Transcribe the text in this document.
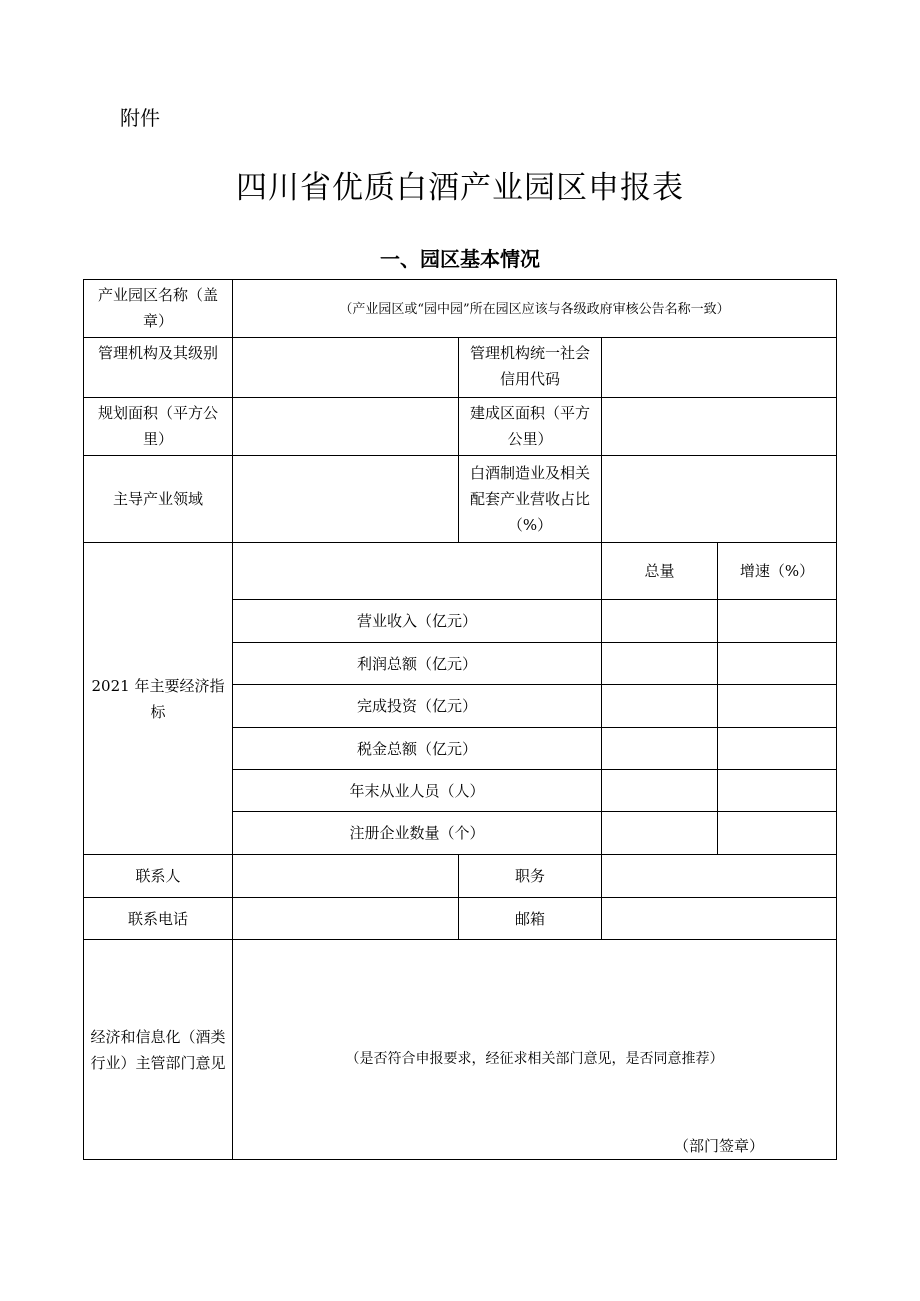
附件
四川省优质白酒产业园区申报表
一、园区基本情况
产业园区名称（盖章）	（产业园区或“园中园”所在园区应该与各级政府审核公告名称一致）			
管理机构及其级别		管理机构统一社会信用代码		
规划面积（平方公里）		建成区面积（平方公里）		
主导产业领域		白酒制造业及相关配套产业营收占比（%）		
2021 年主要经济指标			总量	增速（%）
	营业收入（亿元）			
	利润总额（亿元）			
	完成投资（亿元）			
	税金总额（亿元）			
	年末从业人员（人）			
	注册企业数量（个）			
联系人		职务		
联系电话		邮箱		
经济和信息化（酒类行业）主管部门意见	（是否符合申报要求，经征求相关部门意见，是否同意推荐）
（部门签章）			
